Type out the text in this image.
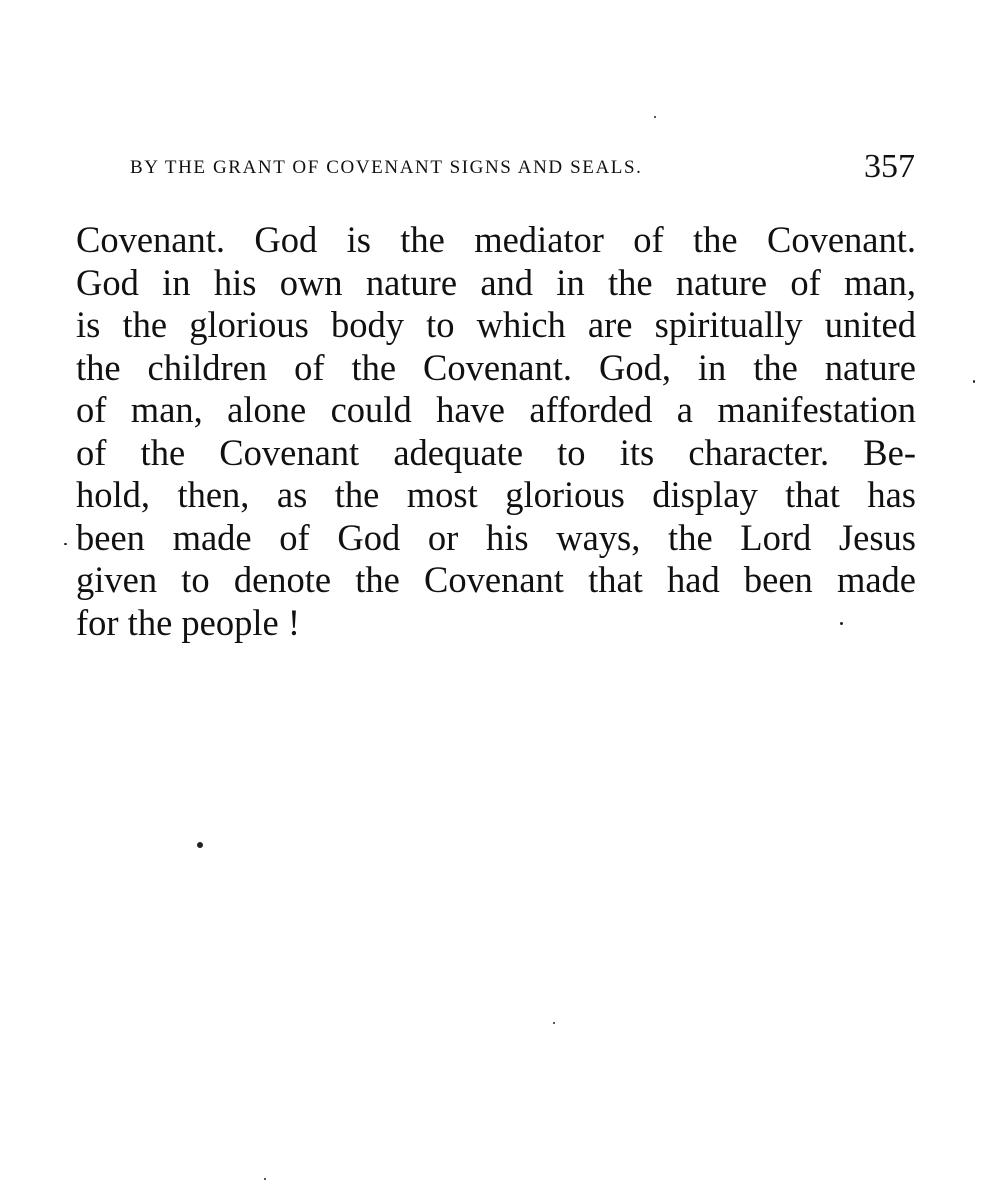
BY THE GRANT OF COVENANT SIGNS AND SEALS.	357
Covenant. God is the mediator of the Covenant.
God in his own nature and in the nature of man,
is the glorious body to which are spiritually united
the children of the Covenant. God, in the nature
of man, alone could have afforded a manifestation
of the Covenant adequate to its character. Be-
hold, then, as the most glorious display that has
been made of God or his ways, the Lord Jesus
given to denote the Covenant that had been made
for the people !
